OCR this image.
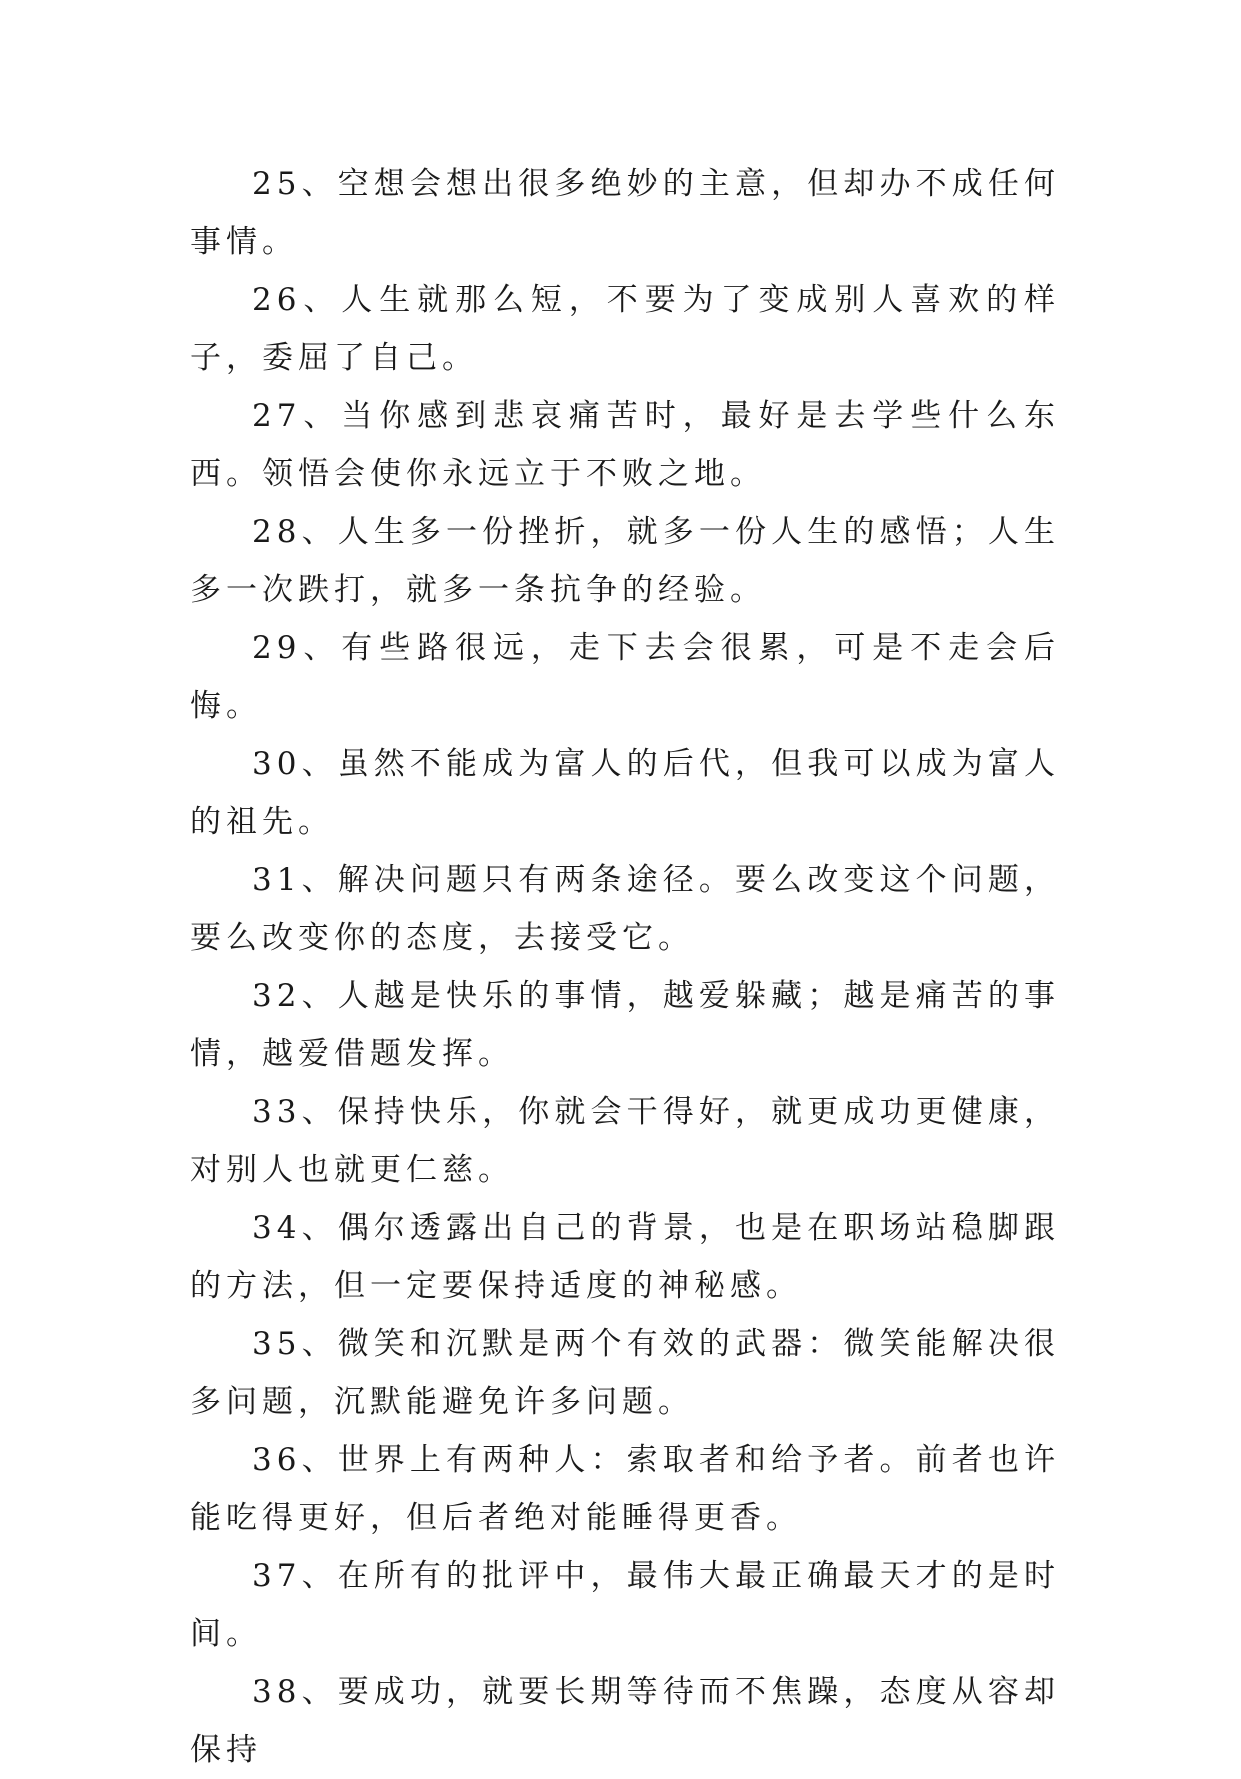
25、空想会想出很多绝妙的主意，但却办不成任何事情。

26、人生就那么短，不要为了变成别人喜欢的样子，委屈了自己。

27、当你感到悲哀痛苦时，最好是去学些什么东西。领悟会使你永远立于不败之地。

28、人生多一份挫折，就多一份人生的感悟；人生多一次跌打，就多一条抗争的经验。

29、有些路很远，走下去会很累，可是不走会后悔。

30、虽然不能成为富人的后代，但我可以成为富人的祖先。

31、解决问题只有两条途径。要么改变这个问题，要么改变你的态度，去接受它。

32、人越是快乐的事情，越爱躲藏；越是痛苦的事情，越爱借题发挥。

33、保持快乐，你就会干得好，就更成功更健康，对别人也就更仁慈。

34、偶尔透露出自己的背景，也是在职场站稳脚跟的方法，但一定要保持适度的神秘感。

35、微笑和沉默是两个有效的武器：微笑能解决很多问题，沉默能避免许多问题。

36、世界上有两种人：索取者和给予者。前者也许能吃得更好，但后者绝对能睡得更香。

37、在所有的批评中，最伟大最正确最天才的是时间。

38、要成功，就要长期等待而不焦躁，态度从容却保持
